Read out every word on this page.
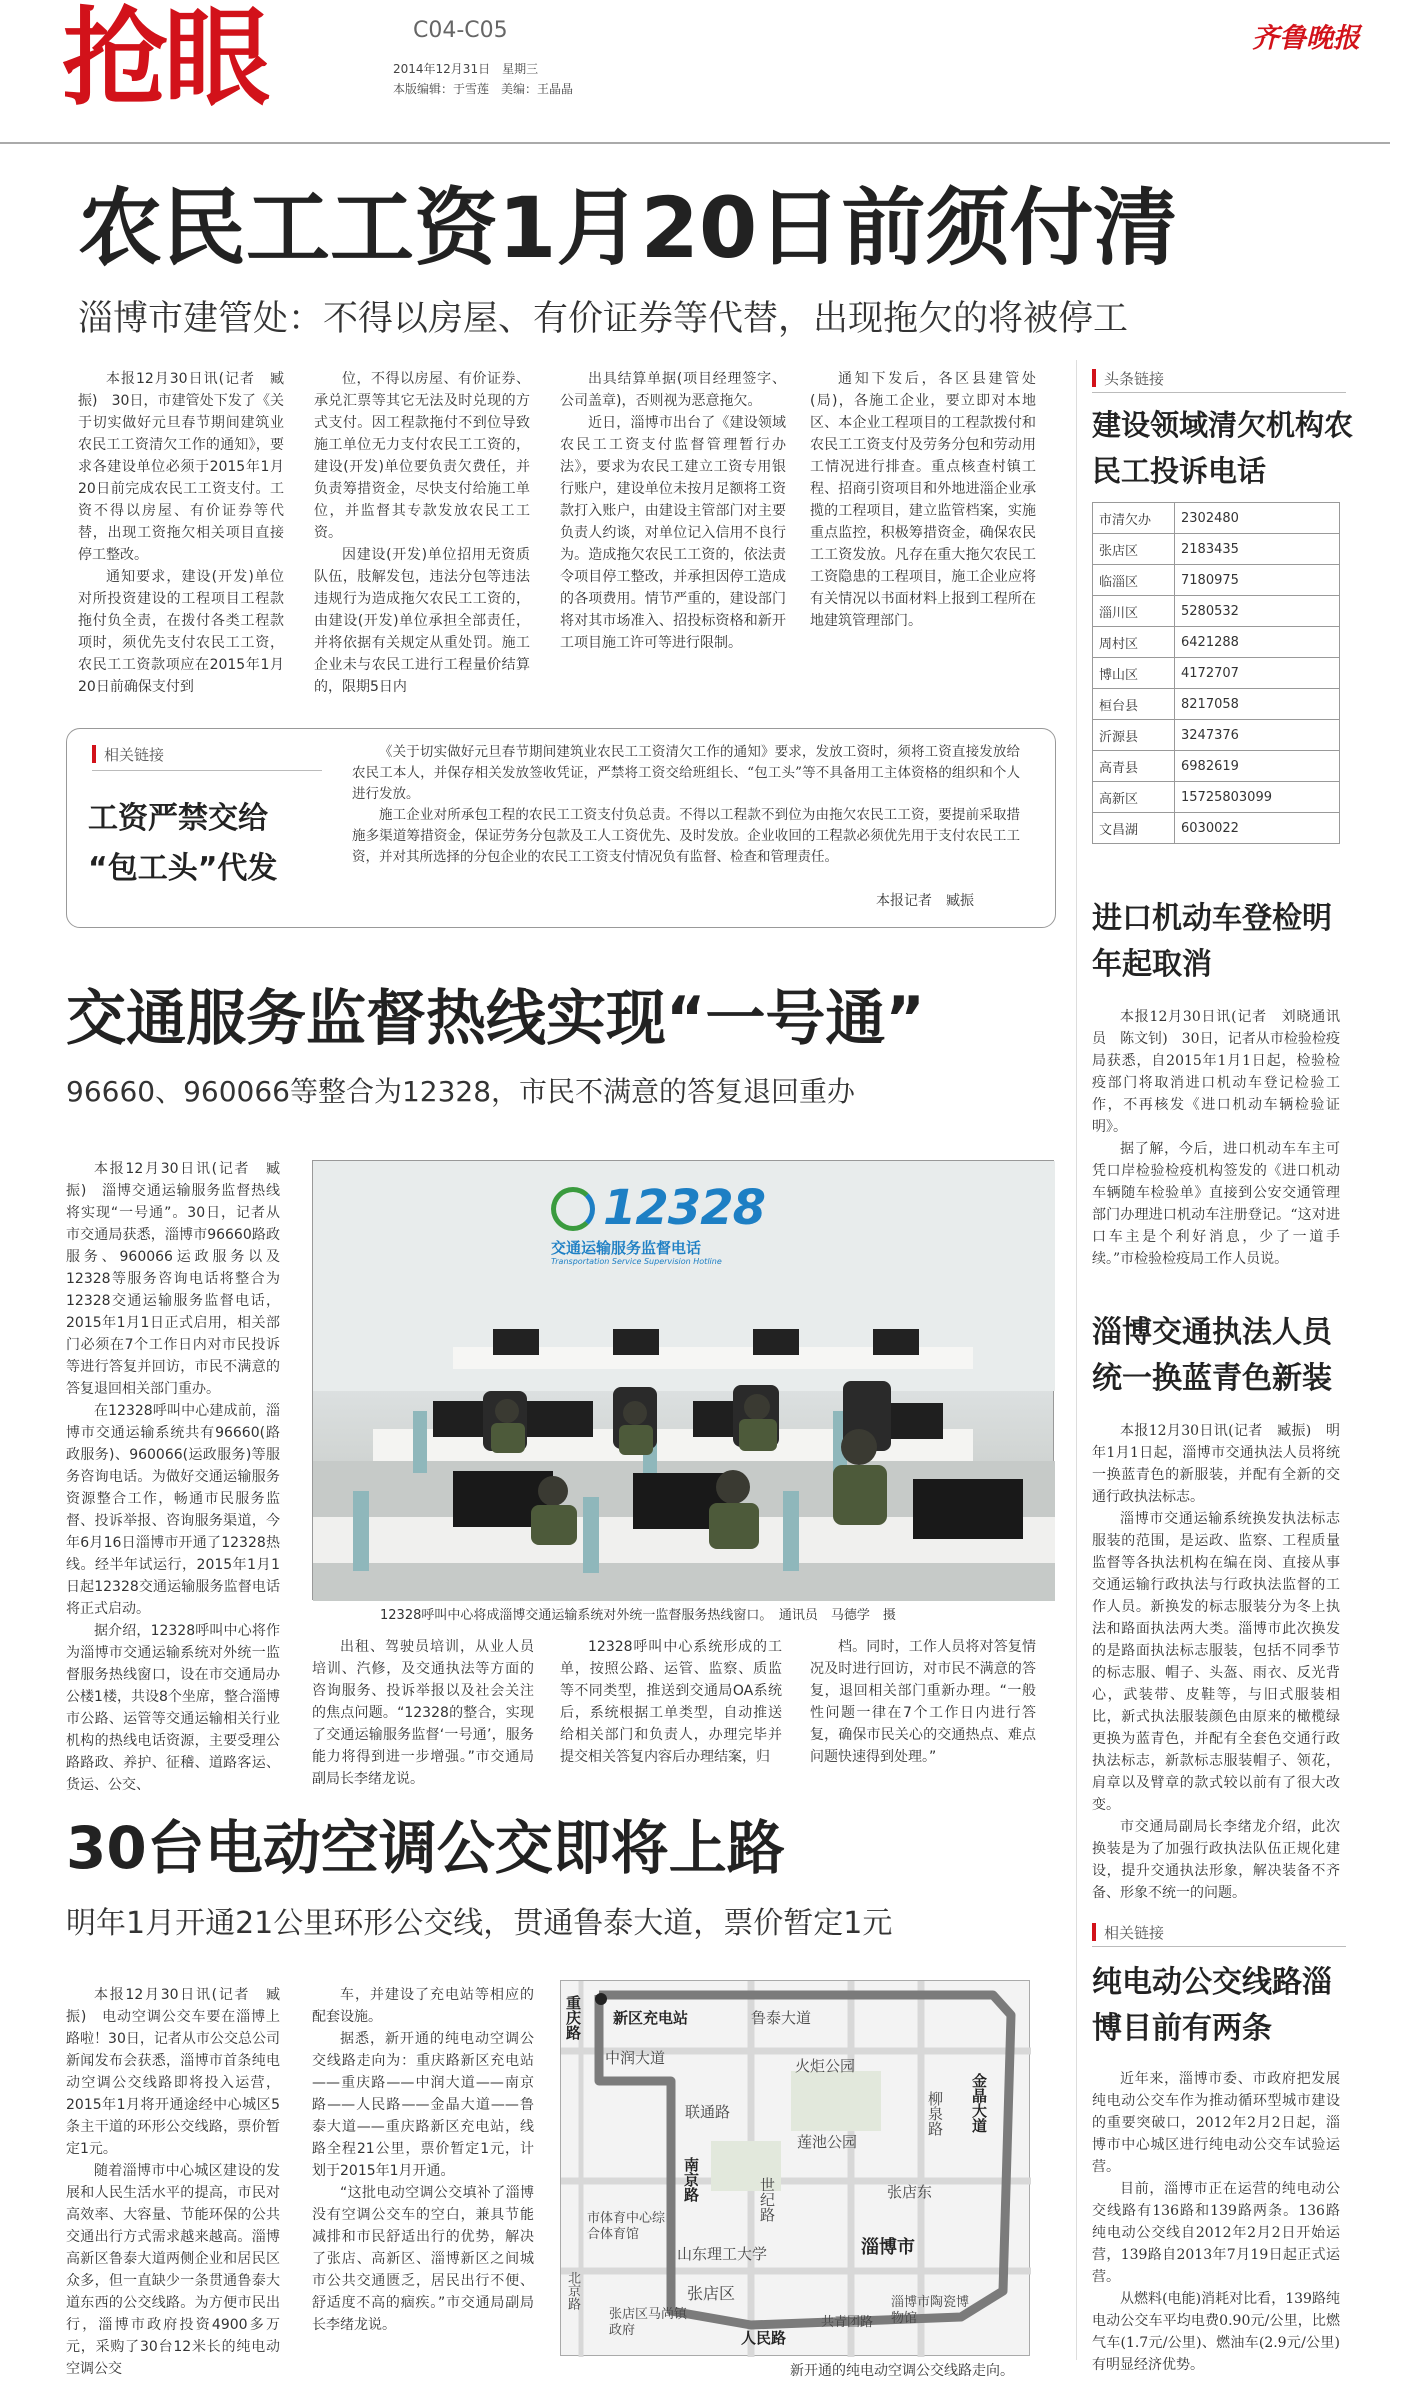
抢眼	C04-C05
2014年12月31日　 星期三
本版编辑：于雪莲　美编：王晶晶
齐鲁晚报
农民工工资1月20日前须付清
淄博市建管处：不得以房屋、有价证券等代替，出现拖欠的将被停工

本报12月30日讯(记者　臧振)　30日，市建管处下发了《关于切实做好元旦春节期间建筑业农民工工资清欠工作的通知》，要求各建设单位必须于2015年1月20日前完成农民工工资支付。工资不得以房屋、有价证券等代替，出现工资拖欠相关项目直接停工整改。

通知要求，建设(开发)单位对所投资建设的工程项目工程款拖付负全责，在拨付各类工程款项时，须优先支付农民工工资，农民工工资款项应在2015年1月20日前确保支付到

位，不得以房屋、有价证券、承兑汇票等其它无法及时兑现的方式支付。因工程款拖付不到位导致施工单位无力支付农民工工资的，建设(开发)单位要负责欠费任，并负责筹措资金，尽快支付给施工单位，并监督其专款发放农民工工资。

因建设(开发)单位招用无资质队伍，肢解发包，违法分包等违法违规行为造成拖欠农民工工资的，由建设(开发)单位承担全部责任，并将依据有关规定从重处罚。施工企业未与农民工进行工程量价结算的，限期5日内

出具结算单据(项目经理签字、公司盖章)，否则视为恶意拖欠。

近日，淄博市出台了《建设领域农民工工资支付监督管理暂行办法》，要求为农民工建立工资专用银行账户，建设单位未按月足额将工资款打入账户，由建设主管部门对主要负责人约谈，对单位记入信用不良行为。造成拖欠农民工工资的，依法责令项目停工整改，并承担因停工造成的各项费用。情节严重的，建设部门将对其市场准入、招投标资格和新开工项目施工许可等进行限制。

通知下发后，各区县建管处(局)，各施工企业，要立即对本地区、本企业工程项目的工程款拨付和农民工工资支付及劳务分包和劳动用工情况进行排查。重点核查村镇工程、招商引资项目和外地进淄企业承揽的工程项目，建立监管档案，实施重点监控，积极筹措资金，确保农民工工资发放。凡存在重大拖欠农民工工资隐患的工程项目，施工企业应将有关情况以书面材料上报到工程所在地建筑管理部门。

相关链接
工资严禁交给
“包工头”代发

《关于切实做好元旦春节期间建筑业农民工工资清欠工作的通知》要求，发放工资时，须将工资直接发放给农民工本人，并保存相关发放签收凭证，严禁将工资交给班组长、“包工头”等不具备用工主体资格的组织和个人进行发放。

施工企业对所承包工程的农民工工资支付负总责。不得以工程款不到位为由拖欠农民工工资，要提前采取措施多渠道筹措资金，保证劳务分包款及工人工资优先、及时发放。企业收回的工程款必须优先用于支付农民工工资，并对其所选择的分包企业的农民工工资支付情况负有监督、检查和管理责任。

本报记者　臧振
交通服务监督热线实现“一号通”
96660、960066等整合为12328，市民不满意的答复退回重办

本报12月30日讯(记者　臧振)　淄博交通运输服务监督热线将实现“一号通”。30日，记者从市交通局获悉，淄博市96660路政服务、960066运政服务以及12328等服务咨询电话将整合为12328交通运输服务监督电话，2015年1月1日正式启用，相关部门必须在7个工作日内对市民投诉等进行答复并回访，市民不满意的答复退回相关部门重办。

在12328呼叫中心建成前，淄博市交通运输系统共有96660(路政服务)、960066(运政服务)等服务咨询电话。为做好交通运输服务资源整合工作，畅通市民服务监督、投诉举报、咨询服务渠道，今年6月16日淄博市开通了12328热线。经半年试运行，2015年1月1日起12328交通运输服务监督电话将正式启动。

据介绍，12328呼叫中心将作为淄博市交通运输系统对外统一监督服务热线窗口，设在市交通局办公楼1楼，共设8个坐席，整合淄博市公路、运管等交通运输相关行业机构的热线电话资源，主要受理公路路政、养护、征稽、道路客运、货运、公交、

12328
交通运输服务监督电话
Transportation Service Supervision Hotline
12328呼叫中心将成淄博交通运输系统对外统一监督服务热线窗口。　通讯员　马德学　摄

出租、驾驶员培训，从业人员培训、汽修，及交通执法等方面的咨询服务、投诉举报以及社会关注的焦点问题。“12328的整合，实现了交通运输服务监督‘一号通’，服务能力将得到进一步增强。”市交通局副局长李绪龙说。

12328呼叫中心系统形成的工单，按照公路、运管、监察、质监等不同类型，推送到交通局OA系统后，系统根据工单类型，自动推送给相关部门和负责人，办理完毕并提交相关答复内容后办理结案，归

档。同时，工作人员将对答复情况及时进行回访，对市民不满意的答复，退回相关部门重新办理。“一般性问题一律在7个工作日内进行答复，确保市民关心的交通热点、难点问题快速得到处理。”

30台电动空调公交即将上路
明年1月开通21公里环形公交线，贯通鲁泰大道，票价暂定1元

本报12月30日讯(记者　臧振)　电动空调公交车要在淄博上路啦！30日，记者从市公交总公司新闻发布会获悉，淄博市首条纯电动空调公交线路即将投入运营，2015年1月将开通途经中心城区5条主干道的环形公交线路，票价暂定1元。

随着淄博市中心城区建设的发展和人民生活水平的提高，市民对高效率、大容量、节能环保的公共交通出行方式需求越来越高。淄博高新区鲁泰大道两侧企业和居民区众多，但一直缺少一条贯通鲁泰大道东西的公交线路。为方便市民出行，淄博市政府投资4900多万元，采购了30台12米长的纯电动空调公交

车，并建设了充电站等相应的配套设施。

据悉，新开通的纯电动空调公交线路走向为：重庆路新区充电站——重庆路——中润大道——南京路——人民路——金晶大道——鲁泰大道——重庆路新区充电站，线路全程21公里，票价暂定1元，计划于2015年1月开通。

“这批电动空调公交填补了淄博没有空调公交车的空白，兼具节能减排和市民舒适出行的优势，解决了张店、高新区、淄博新区之间城市公共交通匮乏，居民出行不便、舒适度不高的痼疾。”市交通局副局长李绪龙说。

重庆路 新区充电站	鲁泰大道
火炬公园
中润大道
金晶大道
柳泉路
联通路
南京路	世纪路
莲池公园
张店东
市体育中心综合体育馆
山东理工大学	淄博市
张店区
人民路
张店区马尚镇政府
淄博市陶瓷博物馆
北京路
共青团路
新开通的纯电动空调公交线路走向。
头条链接
建设领域清欠机构农民工投诉电话
市清欠办	2302480
张店区	2183435
临淄区	7180975
淄川区	5280532
周村区	6421288
博山区	4172707
桓台县	8217058
沂源县	3247376
高青县	6982619
高新区	15725803099
文昌湖	6030022
进口机动车登检明年起取消

本报12月30日讯(记者　刘晓通讯员　陈文钊)　30日，记者从市检验检疫局获悉，自2015年1月1日起，检验检疫部门将取消进口机动车登记检验工作，不再核发《进口机动车辆检验证明》。

据了解，今后，进口机动车车主可凭口岸检验检疫机构签发的《进口机动车辆随车检验单》直接到公安交通管理部门办理进口机动车注册登记。“这对进口车主是个利好消息，少了一道手续。”市检验检疫局工作人员说。

淄博交通执法人员统一换蓝青色新装

本报12月30日讯(记者　臧振)　明年1月1日起，淄博市交通执法人员将统一换蓝青色的新服装，并配有全新的交通行政执法标志。

淄博市交通运输系统换发执法标志服装的范围，是运政、监察、工程质量监督等各执法机构在编在岗、直接从事交通运输行政执法与行政执法监督的工作人员。新换发的标志服装分为冬上执法和路面执法两大类。淄博市此次换发的是路面执法标志服装，包括不同季节的标志服、帽子、头盔、雨衣、反光背心，武装带、皮鞋等，与旧式服装相比，新式执法服装颜色由原来的橄榄绿更换为蓝青色，并配有全套色交通行政执法标志，新款标志服装帽子、领花，肩章以及臂章的款式较以前有了很大改变。

市交通局副局长李绪龙介绍，此次换装是为了加强行政执法队伍正规化建设，提升交通执法形象，解决装备不齐备、形象不统一的问题。

相关链接
纯电动公交线路淄博目前有两条

近年来，淄博市委、市政府把发展纯电动公交车作为推动循环型城市建设的重要突破口，2012年2月2日起，淄博市中心城区进行纯电动公交车试验运营。

目前，淄博市正在运营的纯电动公交线路有136路和139路两条。136路纯电动公交线自2012年2月2日开始运营，139路自2013年7月19日起正式运营。

从燃料(电能)消耗对比看，139路纯电动公交车平均电费0.90元/公里，比燃气车(1.7元/公里)、燃油车(2.9元/公里)有明显经济优势。
